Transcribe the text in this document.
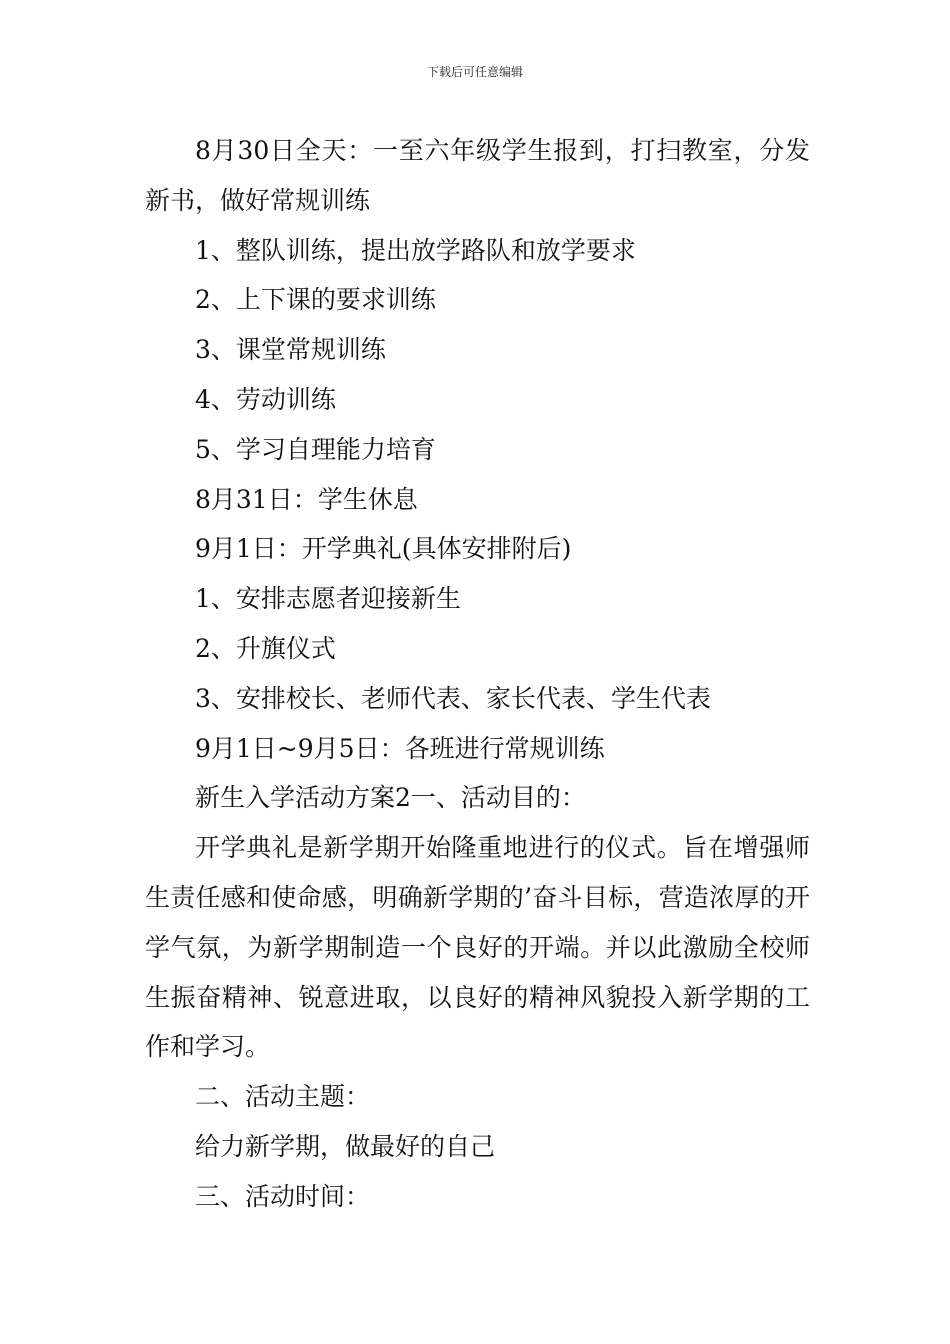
下载后可任意编辑

8月30日全天：一至六年级学生报到，打扫教室，分发新书，做好常规训练

1、整队训练，提出放学路队和放学要求

2、上下课的要求训练

3、课堂常规训练

4、劳动训练

5、学习自理能力培育

8月31日：学生休息

9月1日：开学典礼(具体安排附后)

1、安排志愿者迎接新生

2、升旗仪式

3、安排校长、老师代表、家长代表、学生代表

9月1日~9月5日：各班进行常规训练

新生入学活动方案2一、活动目的：

开学典礼是新学期开始隆重地进行的仪式。旨在增强师生责任感和使命感，明确新学期的’奋斗目标，营造浓厚的开学气氛，为新学期制造一个良好的开端。并以此激励全校师生振奋精神、锐意进取，以良好的精神风貌投入新学期的工作和学习。

二、活动主题：

给力新学期，做最好的自己

三、活动时间：
